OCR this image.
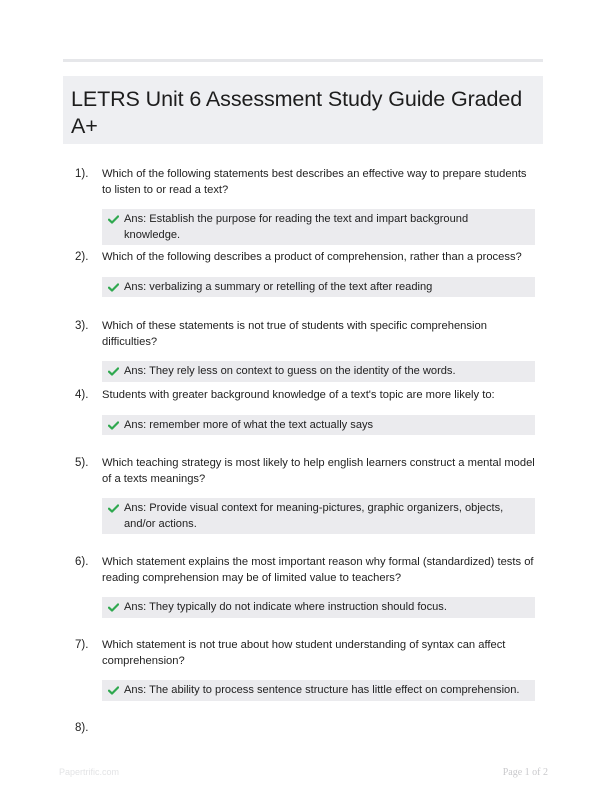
LETRS Unit 6 Assessment Study Guide Graded A+
1). Which of the following statements best describes an effective way to prepare students to listen to or read a text?
Ans: Establish the purpose for reading the text and impart background knowledge.
2). Which of the following describes a product of comprehension, rather than a process?
Ans: verbalizing a summary or retelling of the text after reading
3). Which of these statements is not true of students with specific comprehension difficulties?
Ans: They rely less on context to guess on the identity of the words.
4). Students with greater background knowledge of a text's topic are more likely to:
Ans: remember more of what the text actually says
5). Which teaching strategy is most likely to help english learners construct a mental model of a texts meanings?
Ans: Provide visual context for meaning-pictures, graphic organizers, objects, and/or actions.
6). Which statement explains the most important reason why formal (standardized) tests of reading comprehension may be of limited value to teachers?
Ans: They typically do not indicate where instruction should focus.
7). Which statement is not true about how student understanding of syntax can affect comprehension?
Ans: The ability to process sentence structure has little effect on comprehension.
8).
Papertrific.com	Page 1 of 2
